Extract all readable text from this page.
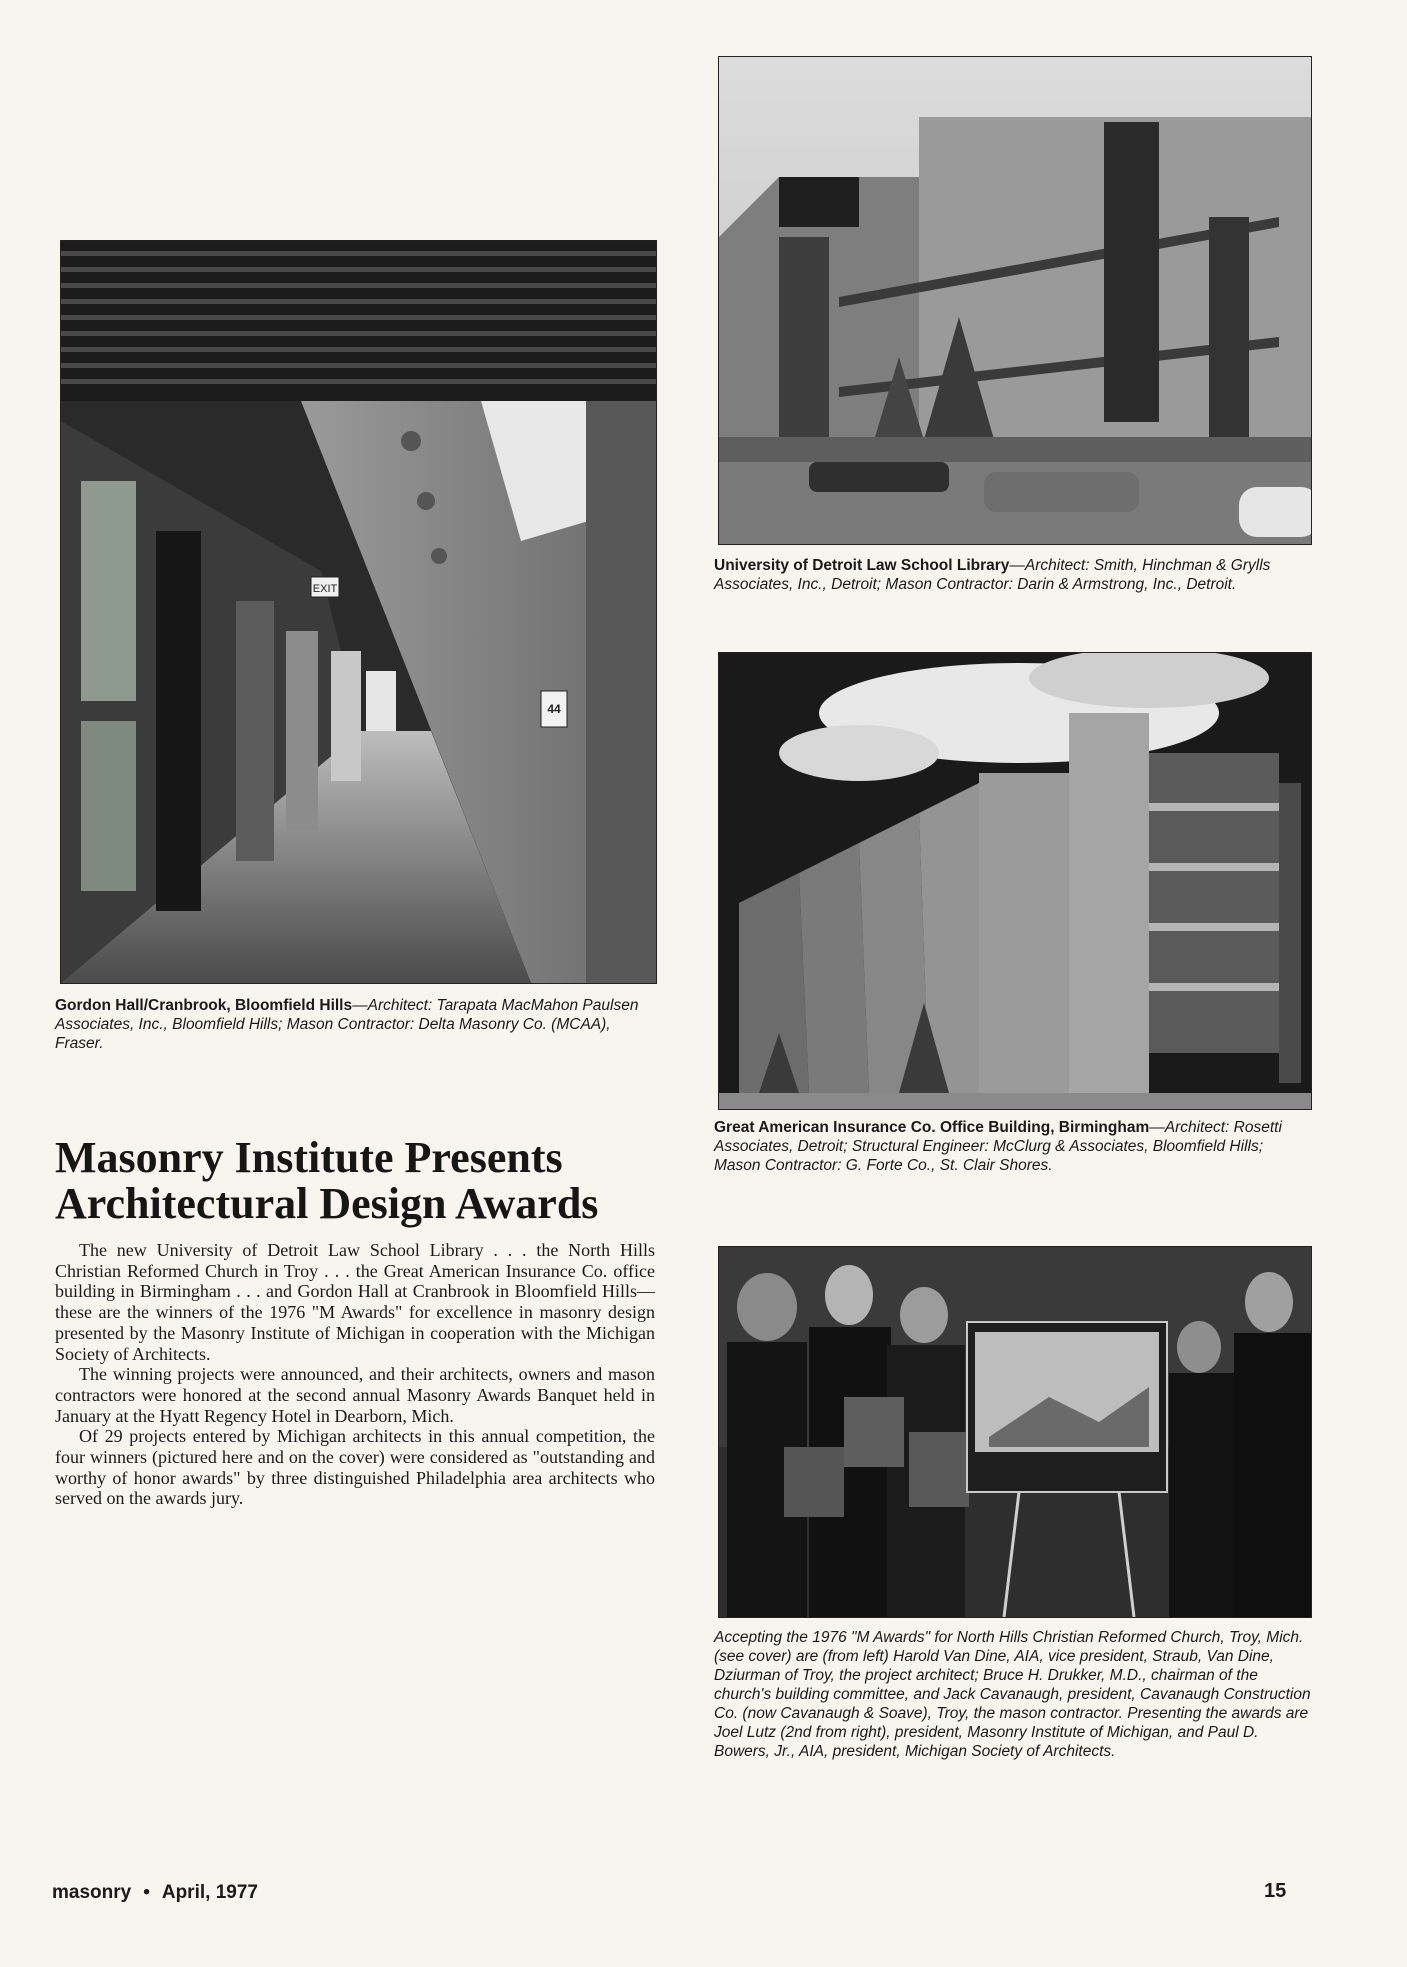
EXIT
44

Gordon Hall/Cranbrook, Bloomfield Hills—Architect: Tarapata MacMahon Paulsen Associates, Inc., Bloomfield Hills; Mason Contractor: Delta Masonry Co. (MCAA), Fraser.

University of Detroit Law School Library—Architect: Smith, Hinchman & Grylls Associates, Inc., Detroit; Mason Contractor: Darin & Armstrong, Inc., Detroit.

Great American Insurance Co. Office Building, Birmingham—Architect: Rosetti Associates, Detroit; Structural Engineer: McClurg & Associates, Bloomfield Hills; Mason Contractor: G. Forte Co., St. Clair Shores.

Accepting the 1976 "M Awards" for North Hills Christian Reformed Church, Troy, Mich. (see cover) are (from left) Harold Van Dine, AIA, vice president, Straub, Van Dine, Dziurman of Troy, the project architect; Bruce H. Drukker, M.D., chairman of the church's building committee, and Jack Cavanaugh, president, Cavanaugh Construction Co. (now Cavanaugh & Soave), Troy, the mason contractor. Presenting the awards are Joel Lutz (2nd from right), president, Masonry Institute of Michigan, and Paul D. Bowers, Jr., AIA, president, Michigan Society of Architects.

Masonry Institute Presents Architectural Design Awards

The new University of Detroit Law School Library . . . the North Hills Christian Reformed Church in Troy . . . the Great American Insurance Co. office building in Birmingham . . . and Gordon Hall at Cranbrook in Bloomfield Hills—these are the winners of the 1976 "M Awards" for excellence in masonry design presented by the Masonry Institute of Michigan in cooperation with the Michigan Society of Architects.

The winning projects were announced, and their architects, owners and mason contractors were honored at the second annual Masonry Awards Banquet held in January at the Hyatt Regency Hotel in Dearborn, Mich.

Of 29 projects entered by Michigan architects in this annual competition, the four winners (pictured here and on the cover) were considered as "outstanding and worthy of honor awards" by three distinguished Philadelphia area architects who served on the awards jury.

masonry • April, 1977	15
